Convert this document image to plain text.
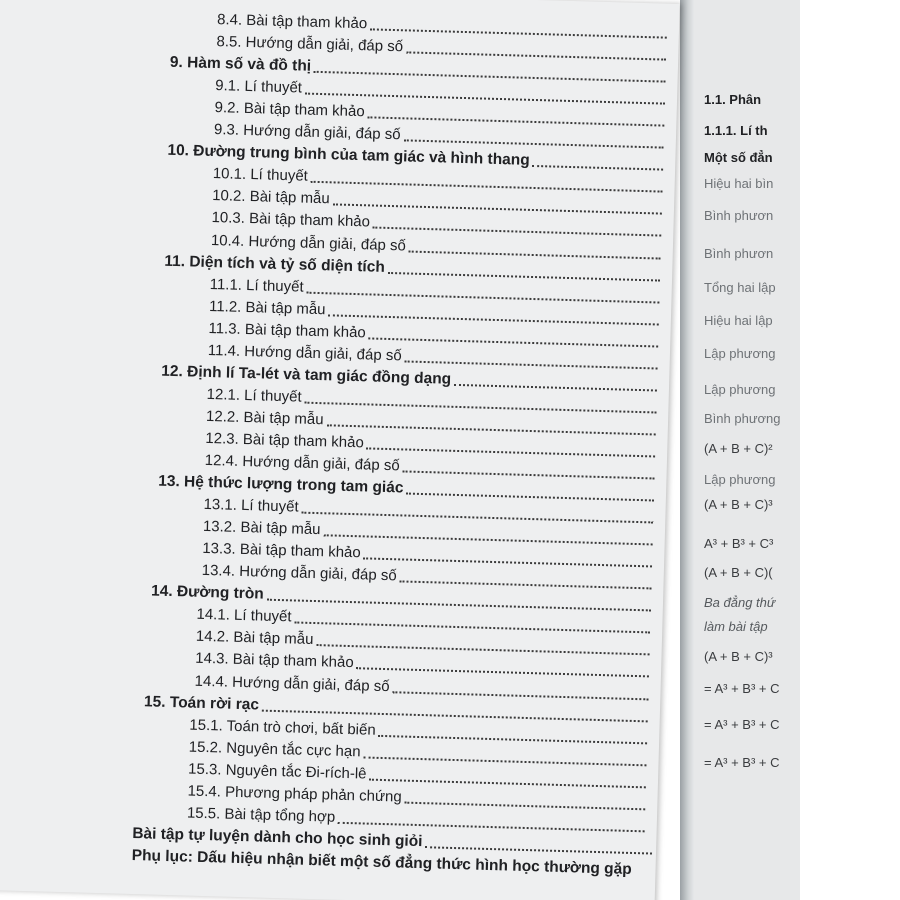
1.1. Phân
1.1.1. Lí th
Một số đẳn
Hiệu hai bìn
Bình phươn
Bình phươn
Tổng hai lập
Hiệu hai lập
Lập phương
Lập phương
Bình phương
(A + B + C)²
Lập phương
(A + B + C)³
A³ + B³ + C³
(A + B + C)(
Ba đẳng thứ
làm bài tập
(A + B + C)³
= A³ + B³ + C
= A³ + B³ + C
= A³ + B³ + C
8.4. Bài tập tham khảo
8.5. Hướng dẫn giải, đáp số
9. Hàm số và đồ thị
9.1. Lí thuyết
9.2. Bài tập tham khảo
9.3. Hướng dẫn giải, đáp số
10. Đường trung bình của tam giác và hình thang
10.1. Lí thuyết
10.2. Bài tập mẫu
10.3. Bài tập tham khảo
10.4. Hướng dẫn giải, đáp số
11. Diện tích và tỷ số diện tích
11.1. Lí thuyết
11.2. Bài tập mẫu
11.3. Bài tập tham khảo
11.4. Hướng dẫn giải, đáp số
12. Định lí Ta-lét và tam giác đồng dạng
12.1. Lí thuyết
12.2. Bài tập mẫu
12.3. Bài tập tham khảo
12.4. Hướng dẫn giải, đáp số
13. Hệ thức lượng trong tam giác
13.1. Lí thuyết
13.2. Bài tập mẫu
13.3. Bài tập tham khảo
13.4. Hướng dẫn giải, đáp số
14. Đường tròn
14.1. Lí thuyết
14.2. Bài tập mẫu
14.3. Bài tập tham khảo
14.4. Hướng dẫn giải, đáp số
15. Toán rời rạc
15.1. Toán trò chơi, bất biến
15.2. Nguyên tắc cực hạn
15.3. Nguyên tắc Đi-rích-lê
15.4. Phương pháp phản chứng
15.5. Bài tập tổng hợp
Bài tập tự luyện dành cho học sinh giỏi
Phụ lục: Dấu hiệu nhận biết một số đẳng thức hình học thường gặp
